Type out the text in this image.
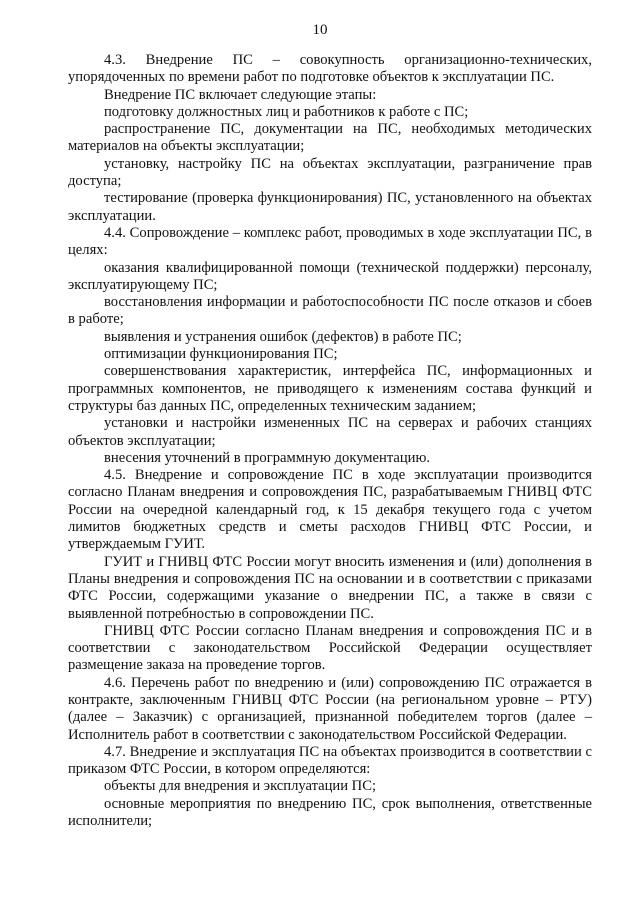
10

4.3. Внедрение ПС – совокупность организационно-технических, упорядоченных по времени работ по подготовке объектов к эксплуатации ПС.

Внедрение ПС включает следующие этапы:

подготовку должностных лиц и работников к работе с ПС;

распространение ПС, документации на ПС, необходимых методических материалов на объекты эксплуатации;

установку, настройку ПС на объектах эксплуатации, разграничение прав доступа;

тестирование (проверка функционирования) ПС, установленного на объектах эксплуатации.

4.4. Сопровождение – комплекс работ, проводимых в ходе эксплуатации ПС, в целях:

оказания квалифицированной помощи (технической поддержки) персоналу, эксплуатирующему ПС;

восстановления информации и работоспособности ПС после отказов и сбоев в работе;

выявления и устранения ошибок (дефектов) в работе ПС;

оптимизации функционирования ПС;

совершенствования характеристик, интерфейса ПС, информационных и программных компонентов, не приводящего к изменениям состава функций и структуры баз данных ПС, определенных техническим заданием;

установки и настройки измененных ПС на серверах и рабочих станциях объектов эксплуатации;

внесения уточнений в программную документацию.

4.5. Внедрение и сопровождение ПС в ходе эксплуатации производится согласно Планам внедрения и сопровождения ПС, разрабатываемым ГНИВЦ ФТС России на очередной календарный год, к 15 декабря текущего года с учетом лимитов бюджетных средств и сметы расходов ГНИВЦ ФТС России, и утверждаемым ГУИТ.

ГУИТ и ГНИВЦ ФТС России могут вносить изменения и (или) дополнения в Планы внедрения и сопровождения ПС на основании и в соответствии с приказами ФТС России, содержащими указание о внедрении ПС, а также в связи с выявленной потребностью в сопровождении ПС.

ГНИВЦ ФТС России согласно Планам внедрения и сопровождения ПС и в соответствии с законодательством Российской Федерации осуществляет размещение заказа на проведение торгов.

4.6. Перечень работ по внедрению и (или) сопровождению ПС отражается в контракте, заключенным ГНИВЦ ФТС России (на региональном уровне – РТУ) (далее – Заказчик) с организацией, признанной победителем торгов (далее – Исполнитель работ в соответствии с законодательством Российской Федерации.

4.7. Внедрение и эксплуатация ПС на объектах производится в соответствии с приказом ФТС России, в котором определяются:

объекты для внедрения и эксплуатации ПС;

основные мероприятия по внедрению ПС, срок выполнения, ответственные исполнители;
